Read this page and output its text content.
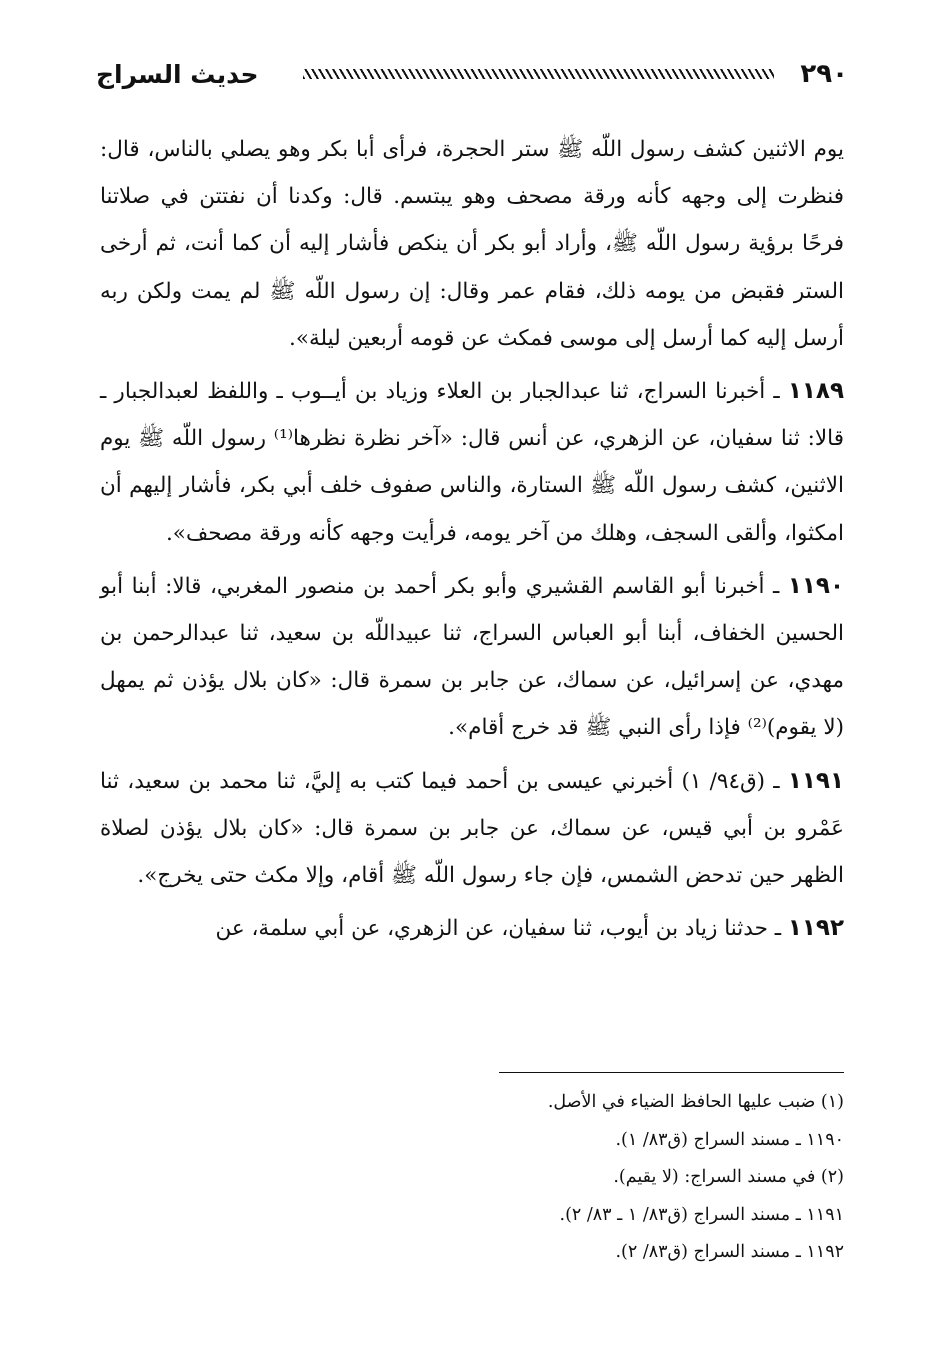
٢٩٠
حديث السراج

يوم الاثنين كشف رسول اللّه ﷺ ستر الحجرة، فرأى أبا بكر وهو يصلي بالناس، قال: فنظرت إلى وجهه كأنه ورقة مصحف وهو يبتسم. قال: وكدنا أن نفتتن في صلاتنا فرحًا برؤية رسول اللّه ﷺ، وأراد أبو بكر أن ينكص فأشار إليه أن كما أنت، ثم أرخى الستر فقبض من يومه ذلك، فقام عمر وقال: إن رسول اللّه ﷺ لم يمت ولكن ربه أرسل إليه كما أرسل إلى موسى فمكث عن قومه أربعين ليلة».

١١٨٩ ـ أخبرنا السراج، ثنا عبدالجبار بن العلاء وزياد بن أيــوب ـ واللفظ لعبدالجبار ـ قالا: ثنا سفيان، عن الزهري، عن أنس قال: «آخر نظرة نظرها⁽¹⁾ رسول اللّه ﷺ يوم الاثنين، كشف رسول اللّه ﷺ الستارة، والناس صفوف خلف أبي بكر، فأشار إليهم أن امكثوا، وألقى السجف، وهلك من آخر يومه، فرأيت وجهه كأنه ورقة مصحف».

١١٩٠ ـ أخبرنا أبو القاسم القشيري وأبو بكر أحمد بن منصور المغربي، قالا: أبنا أبو الحسين الخفاف، أبنا أبو العباس السراج، ثنا عبيداللّه بن سعيد، ثنا عبدالرحمن بن مهدي، عن إسرائيل، عن سماك، عن جابر بن سمرة قال: «كان بلال يؤذن ثم يمهل (لا يقوم)⁽²⁾ فإذا رأى النبي ﷺ قد خرج أقام».

١١٩١ ـ (ق٩٤/ ١) أخبرني عيسى بن أحمد فيما كتب به إليَّ، ثنا محمد بن سعيد، ثنا عَمْرو بن أبي قيس، عن سماك، عن جابر بن سمرة قال: «كان بلال يؤذن لصلاة الظهر حين تدحض الشمس، فإن جاء رسول اللّه ﷺ أقام، وإلا مكث حتى يخرج».

١١٩٢ ـ حدثنا زياد بن أيوب، ثنا سفيان، عن الزهري، عن أبي سلمة، عن

(١) ضبب عليها الحافظ الضياء في الأصل.
١١٩٠ ـ مسند السراج (ق٨٣/ ١).
(٢) في مسند السراج: (لا يقيم).
١١٩١ ـ مسند السراج (ق٨٣/ ١ ـ ٨٣/ ٢).
١١٩٢ ـ مسند السراج (ق٨٣/ ٢).
